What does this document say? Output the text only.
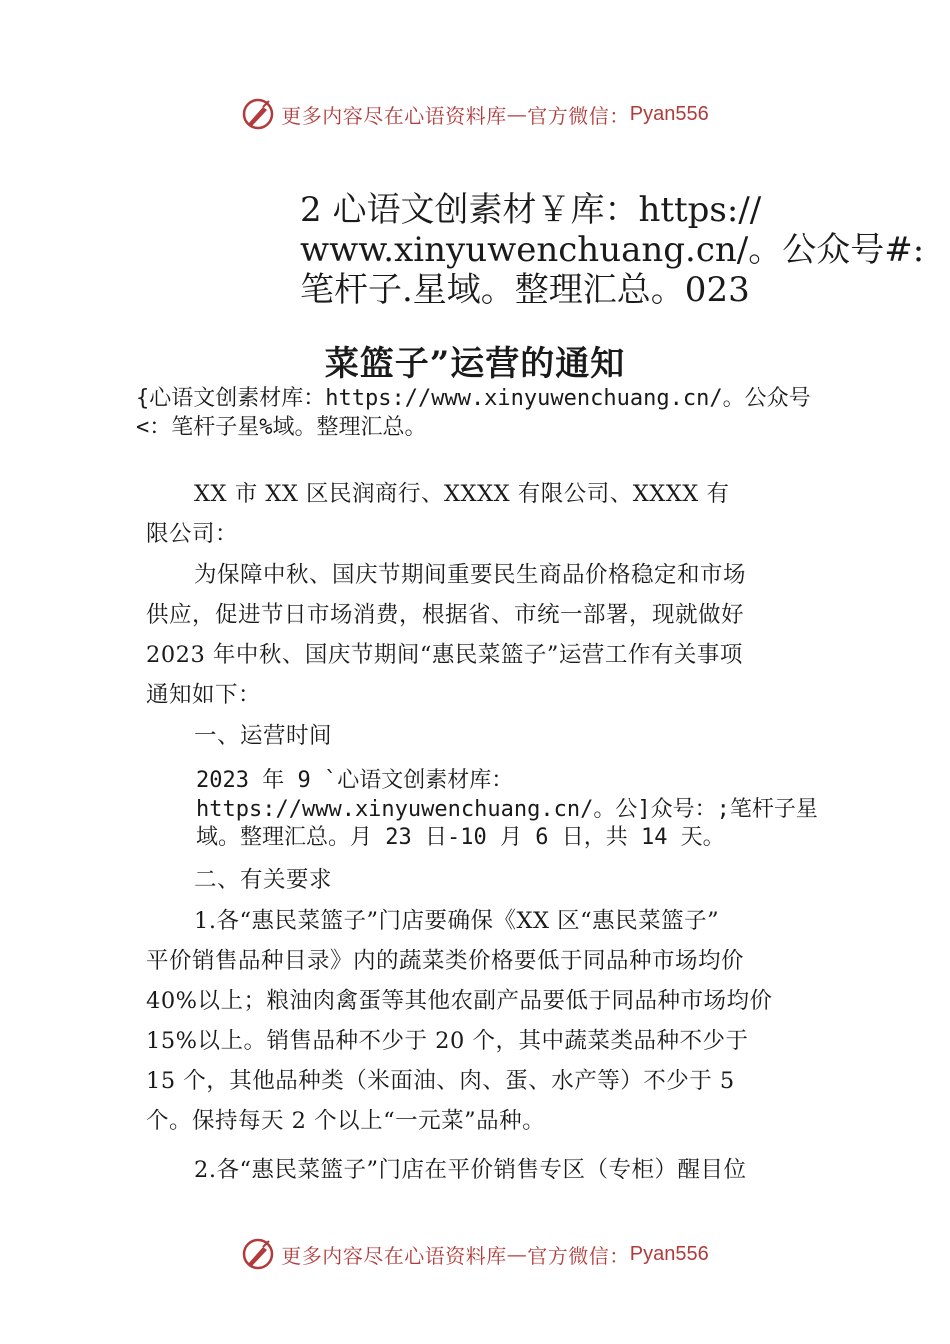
更多内容尽在心语资料库 — 官方微信： Pyan556
2 心语文创素材￥库：https://
www.xinyuwenchuang.cn/。公众号#:
笔杆子.星域。整理汇总。023
菜篮子”运营的通知
{心语文创素材库：https://www.xinyuwenchuang.cn/。公众号
<：笔杆子星%域。整理汇总。
XX 市 XX 区民润商行、XXXX 有限公司、XXXX 有
限公司：
为保障中秋、国庆节期间重要民生商品价格稳定和市场
供应，促进节日市场消费，根据省、市统一部署，现就做好
2023 年中秋、国庆节期间“惠民菜篮子”运营工作有关事项
通知如下：
一、运营时间
2023 年 9 `心语文创素材库：
https://www.xinyuwenchuang.cn/。公]众号：;笔杆子星
域。整理汇总。月 23 日-10 月 6 日，共 14 天。
二、有关要求
1.各“惠民菜篮子”门店要确保《XX 区“惠民菜篮子”
平价销售品种目录》内的蔬菜类价格要低于同品种市场均价
40%以上；粮油肉禽蛋等其他农副产品要低于同品种市场均价
15%以上。销售品种不少于 20 个，其中蔬菜类品种不少于
15 个，其他品种类（米面油、肉、蛋、水产等）不少于 5
个。保持每天 2 个以上“一元菜”品种。
2.各“惠民菜篮子”门店在平价销售专区（专柜）醒目位
更多内容尽在心语资料库 — 官方微信： Pyan556
